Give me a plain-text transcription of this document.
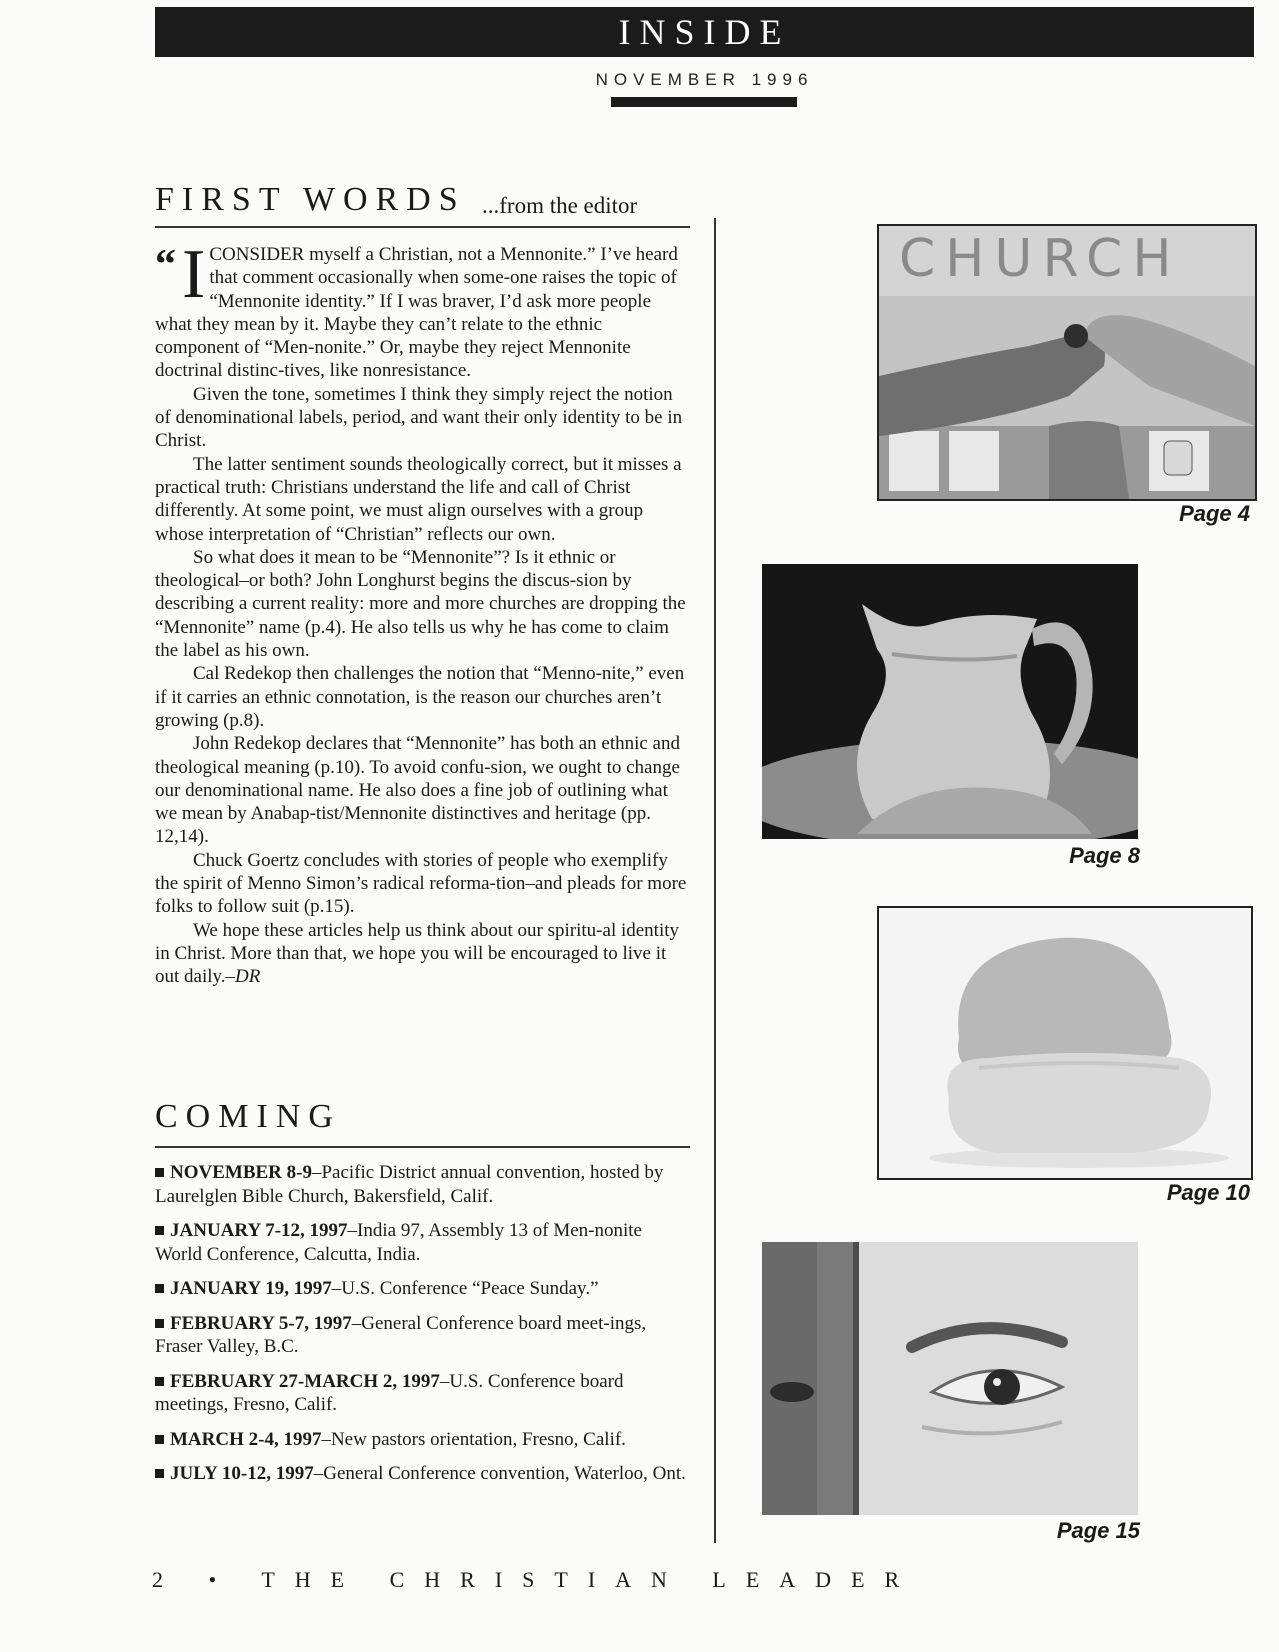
INSIDE
NOVEMBER 1996
FIRST WORDS ...from the editor

“ I CONSIDER myself a Christian, not a Mennonite.” I’ve heard that comment occasionally when some-one raises the topic of “Mennonite identity.” If I was braver, I’d ask more people what they mean by it. Maybe they can’t relate to the ethnic component of “Men-nonite.” Or, maybe they reject Mennonite doctrinal distinc-tives, like nonresistance.

Given the tone, sometimes I think they simply reject the notion of denominational labels, period, and want their only identity to be in Christ.

The latter sentiment sounds theologically correct, but it misses a practical truth: Christians understand the life and call of Christ differently. At some point, we must align ourselves with a group whose interpretation of “Christian” reflects our own.

So what does it mean to be “Mennonite”? Is it ethnic or theological–or both? John Longhurst begins the discus-sion by describing a current reality: more and more churches are dropping the “Mennonite” name (p.4). He also tells us why he has come to claim the label as his own.

Cal Redekop then challenges the notion that “Menno-nite,” even if it carries an ethnic connotation, is the reason our churches aren’t growing (p.8).

John Redekop declares that “Mennonite” has both an ethnic and theological meaning (p.10). To avoid confu-sion, we ought to change our denominational name. He also does a fine job of outlining what we mean by Anabap-tist/Mennonite distinctives and heritage (pp. 12,14).

Chuck Goertz concludes with stories of people who exemplify the spirit of Menno Simon’s radical reforma-tion–and pleads for more folks to follow suit (p.15).

We hope these articles help us think about our spiritu-al identity in Christ. More than that, we hope you will be encouraged to live it out daily.–DR

COMING
NOVEMBER 8-9–Pacific District annual convention, hosted by Laurelglen Bible Church, Bakersfield, Calif.
JANUARY 7-12, 1997–India 97, Assembly 13 of Men-nonite World Conference, Calcutta, India.
JANUARY 19, 1997–U.S. Conference “Peace Sunday.”
FEBRUARY 5-7, 1997–General Conference board meet-ings, Fraser Valley, B.C.
FEBRUARY 27-MARCH 2, 1997–U.S. Conference board meetings, Fresno, Calif.
MARCH 2-4, 1997–New pastors orientation, Fresno, Calif.
JULY 10-12, 1997–General Conference convention, Waterloo, Ont.
2 • THE CHRISTIAN LEADER
CHURCH
Page 4
Page 8
Page 10
Page 15
